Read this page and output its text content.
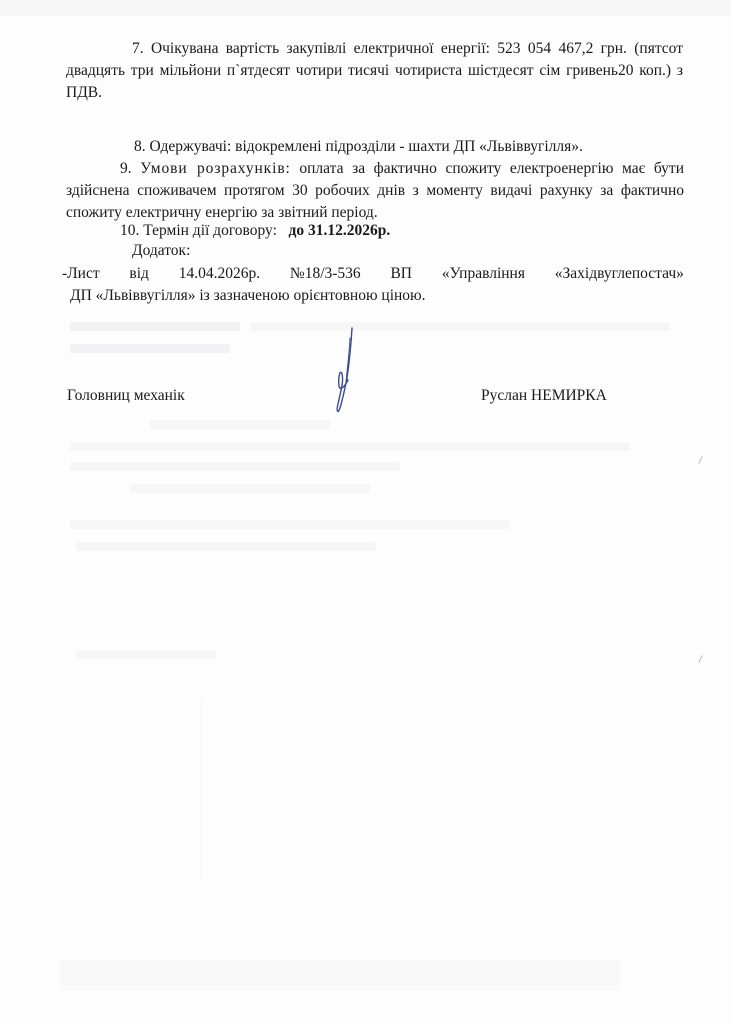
7. Очікувана вартість закупівлі електричної енергії: 523 054 467,2 грн. (пятсот двадцять три мільйони п`ятдесят чотири тисячі чотириста шістдесят сім гривень20 коп.) з ПДВ.

8. Одержувачі: відокремлені підрозділи - шахти ДП «Львіввугілля».

9. Умови розрахунків: оплата за фактично спожиту електроенергію має бути здійснена споживачем протягом 30 робочих днів з моменту видачі рахунку за фактично спожиту електричну енергію за звітний період.

10. Термін дії договору: до 31.12.2026р.

Додаток:

-Лист від 14.04.2026р. №18/3-536 ВП «Управління «Західвуглепостач»
ДП «Львіввугілля» із зазначеною орієнтовною ціною.

Головниц механік	Руслан НЕМИРКА
